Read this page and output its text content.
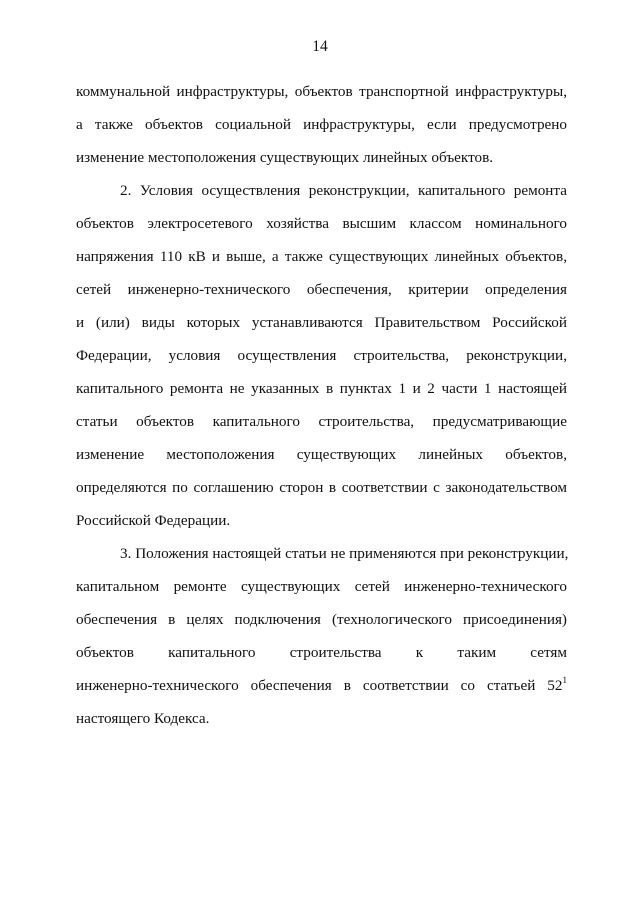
14
коммунальной инфраструктуры, объектов транспортной инфраструктуры,
а также объектов социальной инфраструктуры, если предусмотрено
изменение местоположения существующих линейных объектов.
2. Условия осуществления реконструкции, капитального ремонта
объектов электросетевого хозяйства высшим классом номинального
напряжения 110 кВ и выше, а также существующих линейных объектов,
сетей инженерно-технического обеспечения, критерии определения
и (или) виды которых устанавливаются Правительством Российской
Федерации, условия осуществления строительства, реконструкции,
капитального ремонта не указанных в пунктах 1 и 2 части 1 настоящей
статьи объектов капитального строительства, предусматривающие
изменение местоположения существующих линейных объектов,
определяются по соглашению сторон в соответствии с законодательством
Российской Федерации.
3. Положения настоящей статьи не применяются при реконструкции,
капитальном ремонте существующих сетей инженерно-технического
обеспечения в целях подключения (технологического присоединения)
объектов капитального строительства к таким сетям
инженерно-технического обеспечения в соответствии со статьей $52^1$
настоящего Кодекса.
